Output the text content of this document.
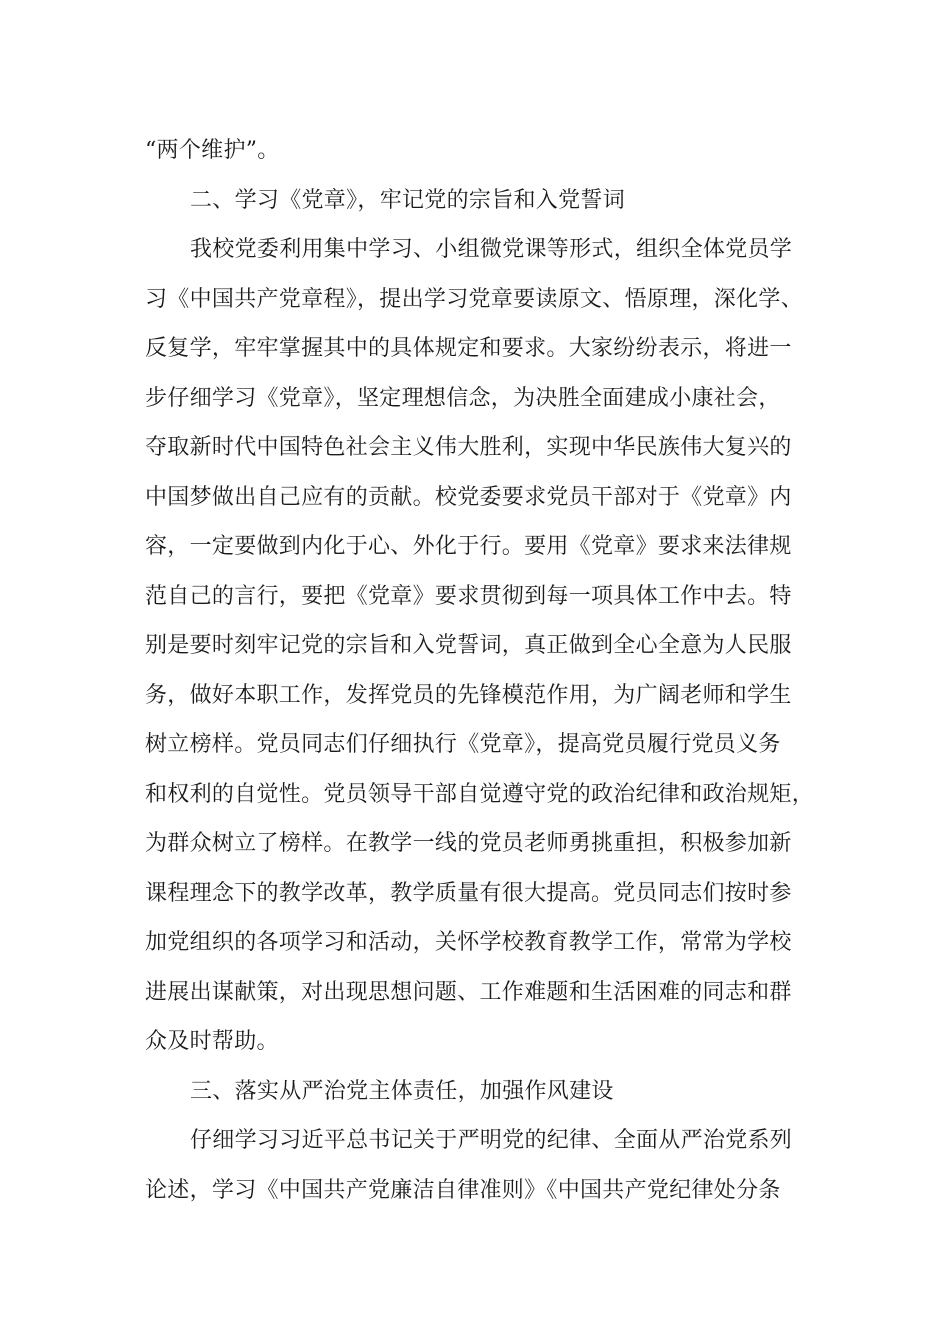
“两个维护”。
二、学习《党章》，牢记党的宗旨和入党誓词
我校党委利用集中学习、小组微党课等形式，组织全体党员学
习《中国共产党章程》，提出学习党章要读原文、悟原理，深化学、
反复学，牢牢掌握其中的具体规定和要求。大家纷纷表示，将进一
步仔细学习《党章》，坚定理想信念，为决胜全面建成小康社会，
夺取新时代中国特色社会主义伟大胜利，实现中华民族伟大复兴的
中国梦做出自己应有的贡献。校党委要求党员干部对于《党章》内
容，一定要做到内化于心、外化于行。要用《党章》要求来法律规
范自己的言行，要把《党章》要求贯彻到每一项具体工作中去。特
别是要时刻牢记党的宗旨和入党誓词，真正做到全心全意为人民服
务，做好本职工作，发挥党员的先锋模范作用，为广阔老师和学生
树立榜样。党员同志们仔细执行《党章》，提高党员履行党员义务
和权利的自觉性。党员领导干部自觉遵守党的政治纪律和政治规矩，
为群众树立了榜样。在教学一线的党员老师勇挑重担，积极参加新
课程理念下的教学改革，教学质量有很大提高。党员同志们按时参
加党组织的各项学习和活动，关怀学校教育教学工作，常常为学校
进展出谋献策，对出现思想问题、工作难题和生活困难的同志和群
众及时帮助。
三、落实从严治党主体责任，加强作风建设
仔细学习习近平总书记关于严明党的纪律、全面从严治党系列
论述，学习《中国共产党廉洁自律准则》《中国共产党纪律处分条
